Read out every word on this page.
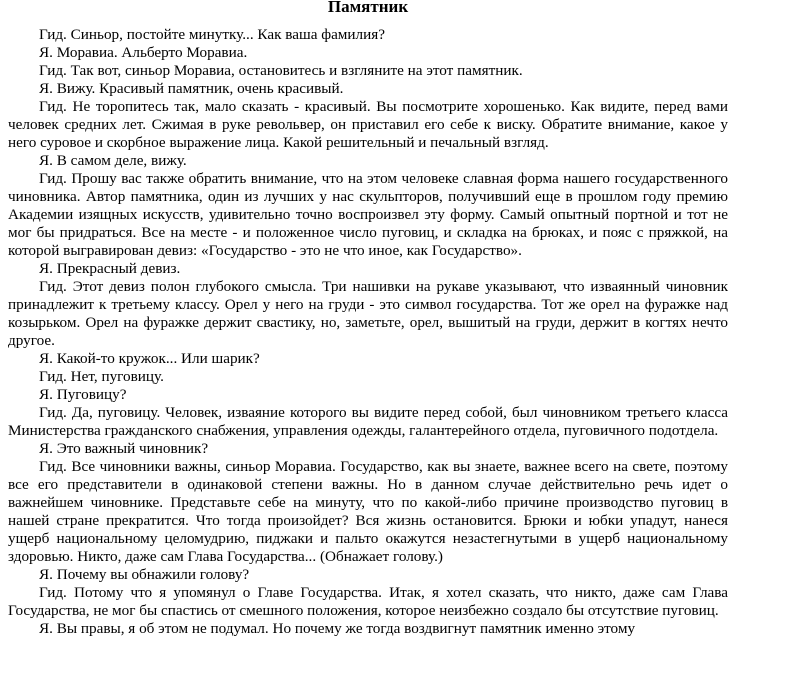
Памятник

Гид. Синьор, постойте минутку... Как ваша фамилия?

Я. Моравиа. Альберто Моравиа.

Гид. Так вот, синьор Моравиа, остановитесь и взгляните на этот памятник.

Я. Вижу. Красивый памятник, очень красивый.

Гид. Не торопитесь так, мало сказать - красивый. Вы посмотрите хорошенько. Как видите, перед вами человек средних лет. Сжимая в руке револьвер, он приставил его себе к виску. Обратите внимание, какое у него суровое и скорбное выражение лица. Какой решительный и печальный взгляд.

Я. В самом деле, вижу.

Гид. Прошу вас также обратить внимание, что на этом человеке славная форма нашего государственного чиновника. Автор памятника, один из лучших у нас скульпторов, получивший еще в прошлом году премию Академии изящных искусств, удивительно точно воспроизвел эту форму. Самый опытный портной и тот не мог бы придраться. Все на месте - и положенное число пуговиц, и складка на брюках, и пояс с пряжкой, на которой выгравирован девиз: «Государство - это не что иное, как Государство».

Я. Прекрасный девиз.

Гид. Этот девиз полон глубокого смысла. Три нашивки на рукаве указывают, что изваянный чиновник принадлежит к третьему классу. Орел у него на груди - это символ государства. Тот же орел на фуражке над козырьком. Орел на фуражке держит свастику, но, заметьте, орел, вышитый на груди, держит в когтях нечто другое.

Я. Какой-то кружок... Или шарик?

Гид. Нет, пуговицу.

Я. Пуговицу?

Гид. Да, пуговицу. Человек, изваяние которого вы видите перед собой, был чиновником третьего класса Министерства гражданского снабжения, управления одежды, галантерейного отдела, пуговичного подотдела.

Я. Это важный чиновник?

Гид. Все чиновники важны, синьор Моравиа. Государство, как вы знаете, важнее всего на свете, поэтому все его представители в одинаковой степени важны. Но в данном случае действительно речь идет о важнейшем чиновнике. Представьте себе на минуту, что по какой-либо причине производство пуговиц в нашей стране прекратится. Что тогда произойдет? Вся жизнь остановится. Брюки и юбки упадут, нанеся ущерб национальному целомудрию, пиджаки и пальто окажутся незастегнутыми в ущерб национальному здоровью. Никто, даже сам Глава Государства... (Обнажает голову.)

Я. Почему вы обнажили голову?

Гид. Потому что я упомянул о Главе Государства. Итак, я хотел сказать, что никто, даже сам Глава Государства, не мог бы спастись от смешного положения, которое неизбежно создало бы отсутствие пуговиц.

Я. Вы правы, я об этом не подумал. Но почему же тогда воздвигнут памятник именно этому
